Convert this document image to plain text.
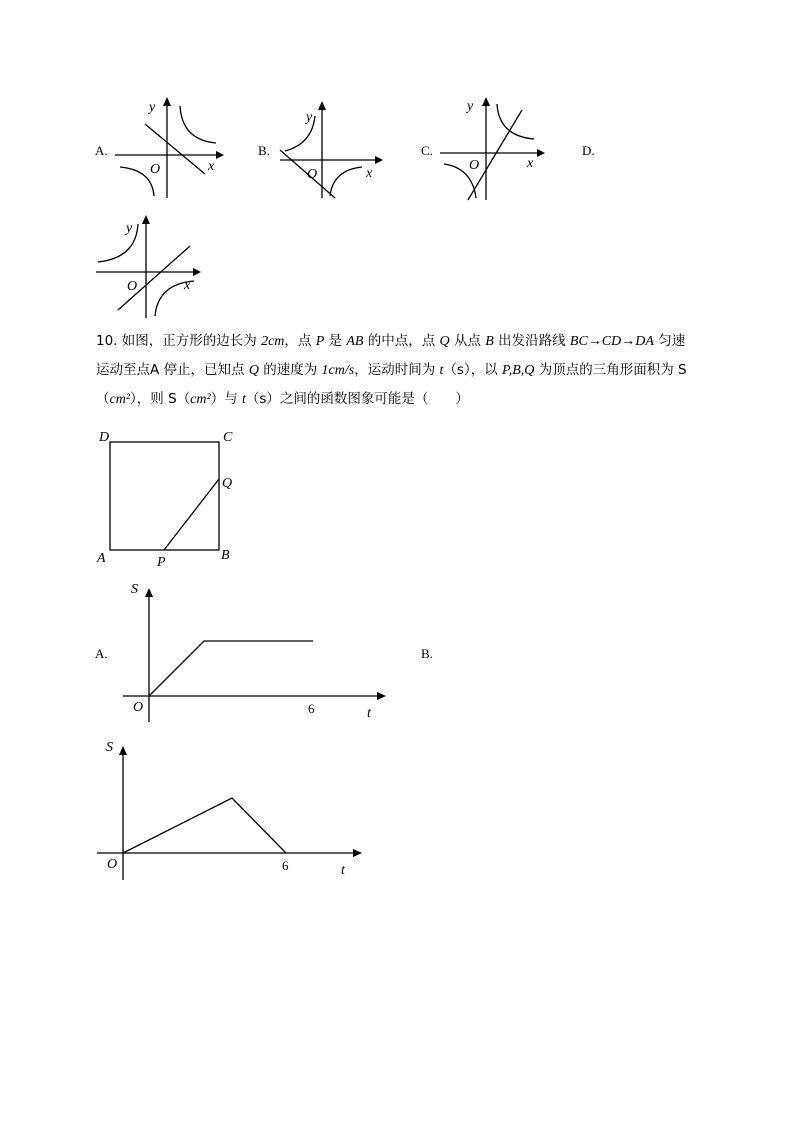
A.
y
x
O
B.
y
x
O
C.
y
x
O
D.
y
x
O
10. 如图，正方形的边长为 2cm，点 P 是 AB 的中点，点 Q 从点 B 出发沿路线 BC→CD→DA 匀速
运动至点A 停止，已知点 Q 的速度为 1cm/s，运动时间为 t（s），以 P,B,Q 为顶点的三角形面积为 S
（cm²），则 S（cm²）与 t（s）之间的函数图象可能是（　　）
D	C
Q
A	P	B
A.
S
t
O	6
B.
S
t
O	6
